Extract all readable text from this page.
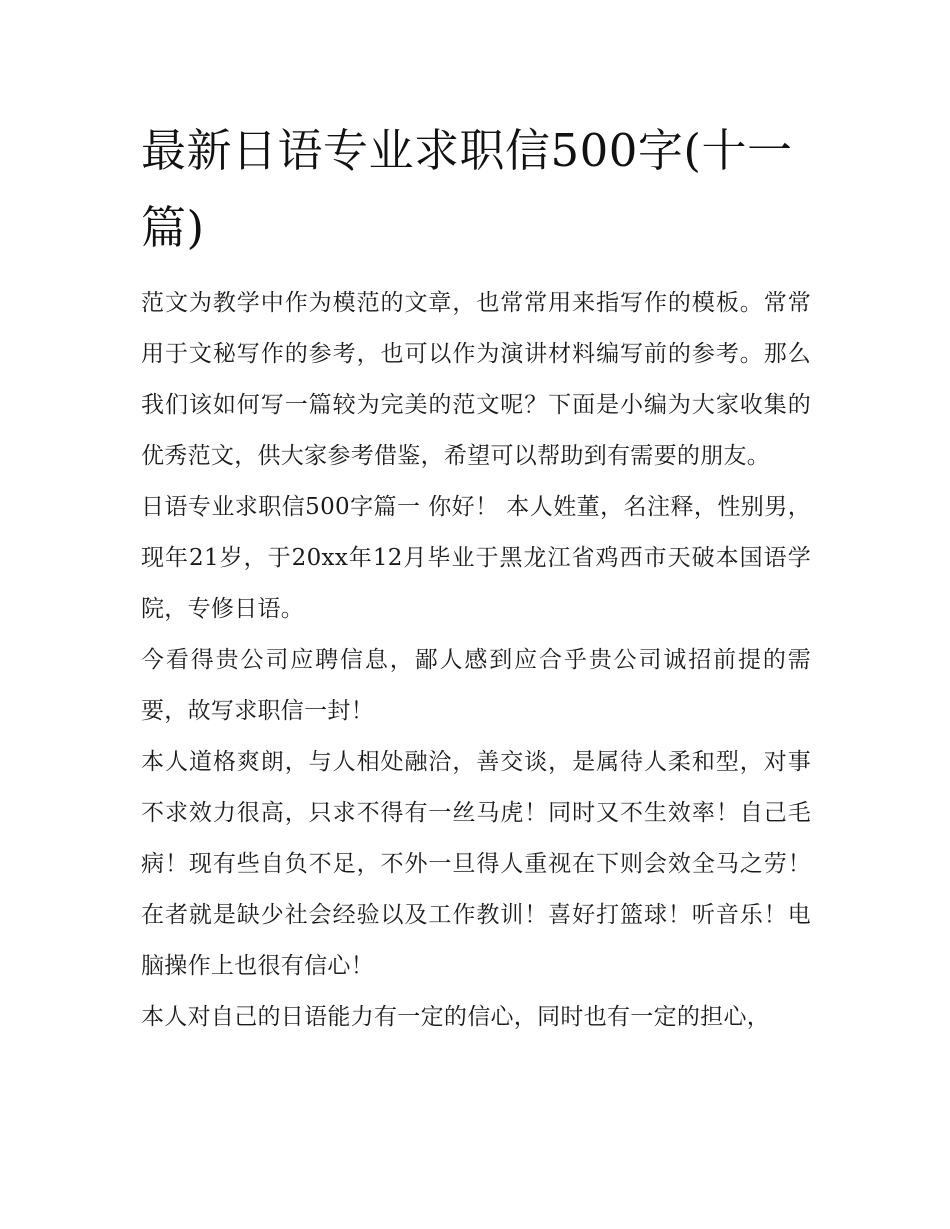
最新日语专业求职信500字(十一篇)

范文为教学中作为模范的文章，也常常用来指写作的模板。常常用于文秘写作的参考，也可以作为演讲材料编写前的参考。那么我们该如何写一篇较为完美的范文呢？下面是小编为大家收集的优秀范文，供大家参考借鉴，希望可以帮助到有需要的朋友。

日语专业求职信500字篇一 你好！ 本人姓董，名注释，性别男，现年21岁，于20xx年12月毕业于黑龙江省鸡西市天破本国语学院，专修日语。

今看得贵公司应聘信息，鄙人感到应合乎贵公司诚招前提的需要，故写求职信一封！

本人道格爽朗，与人相处融洽，善交谈，是属待人柔和型，对事不求效力很高，只求不得有一丝马虎！同时又不生效率！自己毛病！现有些自负不足，不外一旦得人重视在下则会效全马之劳！在者就是缺少社会经验以及工作教训！喜好打篮球！听音乐！电脑操作上也很有信心！

本人对自己的日语能力有一定的信心，同时也有一定的担心，
